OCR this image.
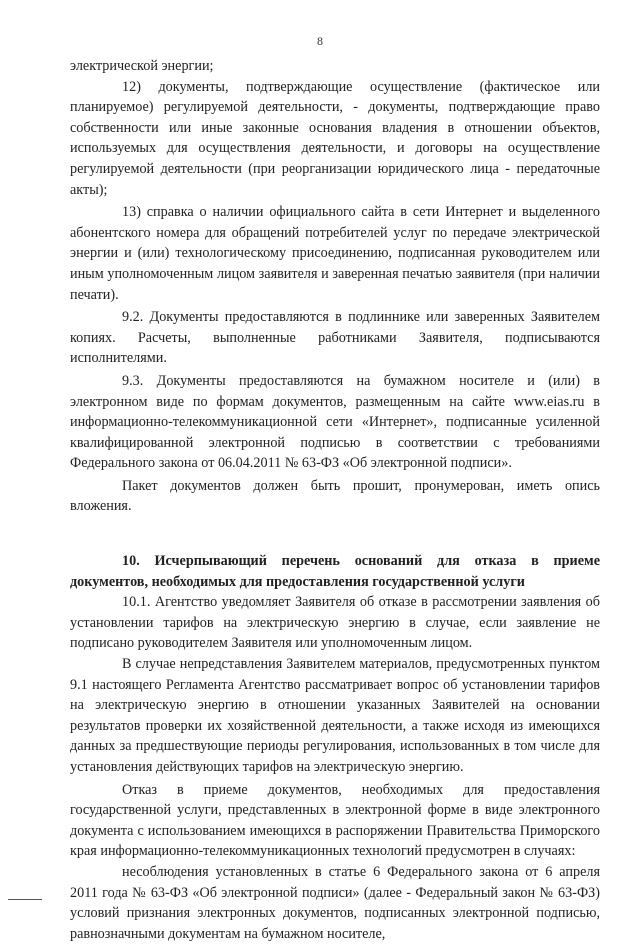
8

электрической энергии;

12) документы, подтверждающие осуществление (фактическое или планируемое) регулируемой деятельности, - документы, подтверждающие право собственности или иные законные основания владения в отношении объектов, используемых для осуществления деятельности, и договоры на осуществление регулируемой деятельности (при реорганизации юридического лица - передаточные акты);

13) справка о наличии официального сайта в сети Интернет и выделенного абонентского номера для обращений потребителей услуг по передаче электрической энергии и (или) технологическому присоединению, подписанная руководителем или иным уполномоченным лицом заявителя и заверенная печатью заявителя (при наличии печати).

9.2. Документы предоставляются в подлиннике или заверенных Заявителем копиях. Расчеты, выполненные работниками Заявителя, подписываются исполнителями.

9.3. Документы предоставляются на бумажном носителе и (или) в электронном виде по формам документов, размещенным на сайте www.eias.ru в информационно-телекоммуникационной сети «Интернет», подписанные усиленной квалифицированной электронной подписью в соответствии с требованиями Федерального закона от 06.04.2011 № 63-ФЗ «Об электронной подписи».

Пакет документов должен быть прошит, пронумерован, иметь опись вложения.

10. Исчерпывающий перечень оснований для отказа в приеме документов, необходимых для предоставления государственной услуги

10.1. Агентство уведомляет Заявителя об отказе в рассмотрении заявления об установлении тарифов на электрическую энергию в случае, если заявление не подписано руководителем Заявителя или уполномоченным лицом.

В случае непредставления Заявителем материалов, предусмотренных пунктом 9.1 настоящего Регламента Агентство рассматривает вопрос об установлении тарифов на электрическую энергию в отношении указанных Заявителей на основании результатов проверки их хозяйственной деятельности, а также исходя из имеющихся данных за предшествующие периоды регулирования, использованных в том числе для установления действующих тарифов на электрическую энергию.

Отказ в приеме документов, необходимых для предоставления государственной услуги, представленных в электронной форме в виде электронного документа с использованием имеющихся в распоряжении Правительства Приморского края информационно-телекоммуникационных технологий предусмотрен в случаях:

несоблюдения установленных в статье 6 Федерального закона от 6 апреля 2011 года № 63-ФЗ «Об электронной подписи» (далее - Федеральный закон № 63-ФЗ) условий признания электронных документов, подписанных электронной подписью, равнозначными документам на бумажном носителе,
